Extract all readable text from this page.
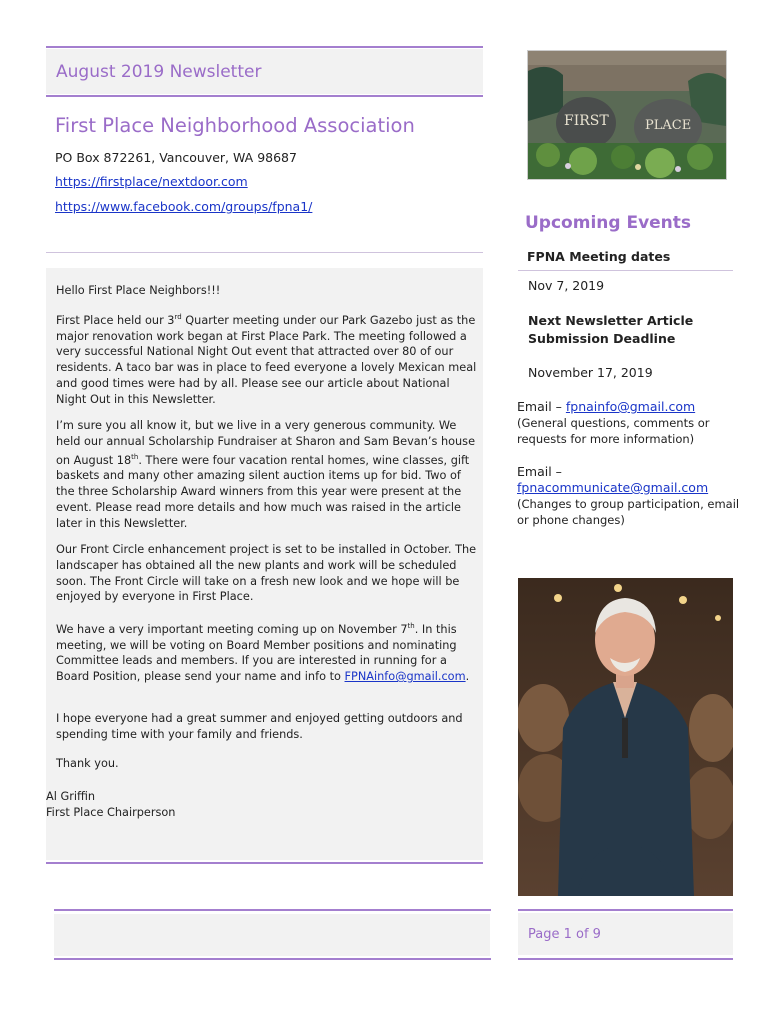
August 2019 Newsletter
First Place Neighborhood Association
PO Box 872261, Vancouver, WA 98687
https://firstplace/nextdoor.com
https://www.facebook.com/groups/fpna1/
Hello First Place Neighbors!!!
First Place held our 3rd Quarter meeting under our Park Gazebo just as the major renovation work began at First Place Park. The meeting followed a very successful National Night Out event that attracted over 80 of our residents. A taco bar was in place to feed everyone a lovely Mexican meal and good times were had by all. Please see our article about National Night Out in this Newsletter.
I’m sure you all know it, but we live in a very generous community. We held our annual Scholarship Fundraiser at Sharon and Sam Bevan’s house on August 18th. There were four vacation rental homes, wine classes, gift baskets and many other amazing silent auction items up for bid. Two of the three Scholarship Award winners from this year were present at the event. Please read more details and how much was raised in the article later in this Newsletter.
Our Front Circle enhancement project is set to be installed in October. The landscaper has obtained all the new plants and work will be scheduled soon. The Front Circle will take on a fresh new look and we hope will be enjoyed by everyone in First Place.
We have a very important meeting coming up on November 7th. In this meeting, we will be voting on Board Member positions and nominating Committee leads and members. If you are interested in running for a Board Position, please send your name and info to FPNAinfo@gmail.com.
I hope everyone had a great summer and enjoyed getting outdoors and spending time with your family and friends.
Thank you.
Al Griffin
First Place Chairperson
FIRST	PLACE
Upcoming Events
FPNA Meeting dates
Nov 7, 2019
Next Newsletter Article Submission Deadline
November 17, 2019
Email – fpnainfo@gmail.com
(General questions, comments or requests for more information)
Email –
fpnacommunicate@gmail.com
(Changes to group participation, email or phone changes)
Page 1 of 9
